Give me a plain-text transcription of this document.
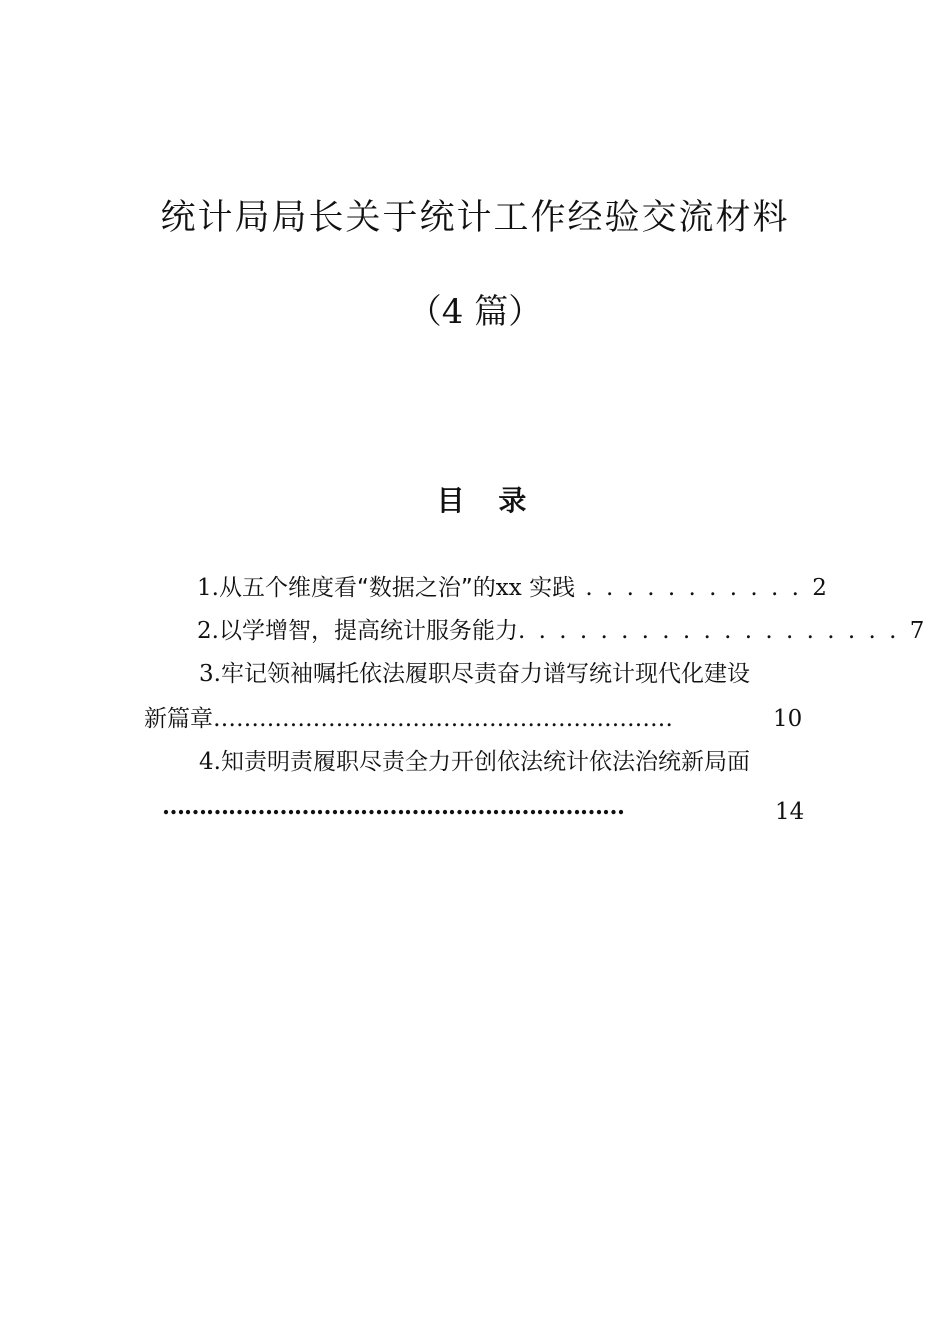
统计局局长关于统计工作经验交流材料
（4 篇）
目 录
1.从五个维度看“数据之治”的xx 实践 . . . . . . . . . . . 2
2.以学增智，提高统计服务能力. . . . . . . . . . . . . . . . . . . 7
3.牢记领袖嘱托依法履职尽责奋力谱写统计现代化建设
新篇章……………………………………………………	10
4.知责明责履职尽责全力开创依法统计依法治统新局面
………………………………………………………	14
